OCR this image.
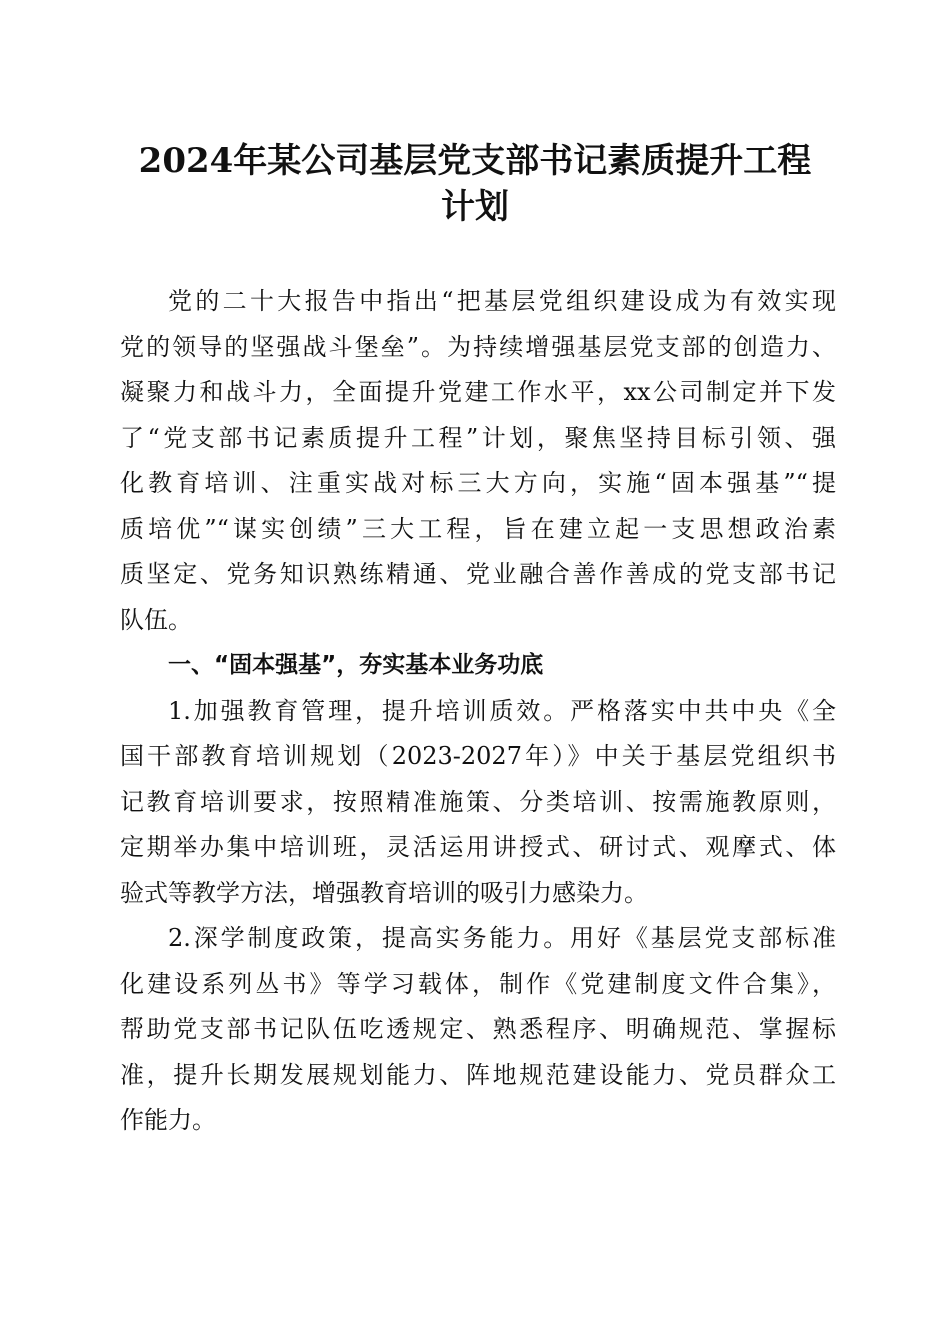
2024年某公司基层党支部书记素质提升工程
计划
党的二十大报告中指出“把基层党组织建设成为有效实现
党的领导的坚强战斗堡垒”。为持续增强基层党支部的创造力、
凝聚力和战斗力，全面提升党建工作水平，xx公司制定并下发
了“党支部书记素质提升工程”计划，聚焦坚持目标引领、强
化教育培训、注重实战对标三大方向，实施“固本强基”“提
质培优”“谋实创绩”三大工程，旨在建立起一支思想政治素
质坚定、党务知识熟练精通、党业融合善作善成的党支部书记
队伍。
一、“固本强基”，夯实基本业务功底
1.加强教育管理，提升培训质效。严格落实中共中央《全
国干部教育培训规划（2023-2027年）》中关于基层党组织书
记教育培训要求，按照精准施策、分类培训、按需施教原则，
定期举办集中培训班，灵活运用讲授式、研讨式、观摩式、体
验式等教学方法，增强教育培训的吸引力感染力。
2.深学制度政策，提高实务能力。用好《基层党支部标准
化建设系列丛书》等学习载体，制作《党建制度文件合集》，
帮助党支部书记队伍吃透规定、熟悉程序、明确规范、掌握标
准，提升长期发展规划能力、阵地规范建设能力、党员群众工
作能力。
